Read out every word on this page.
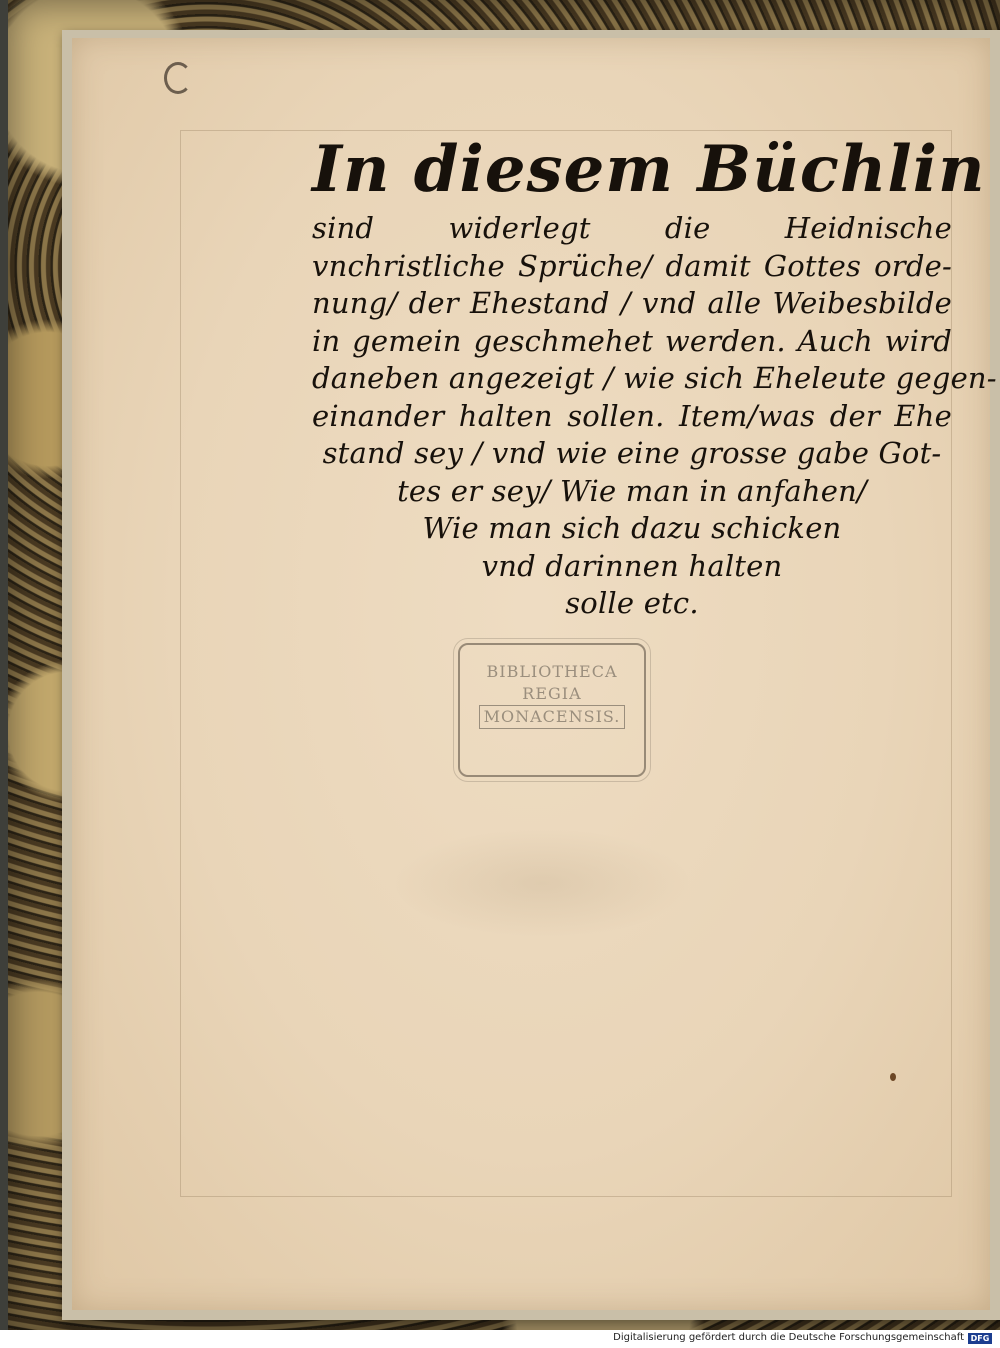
In diesem Büchlin
sind widerlegt die Heidnische
vnchristliche Sprüche/ damit Gottes orde-
nung/ der Ehestand / vnd alle Weibesbilde
in gemein geschmehet werden. Auch wird
daneben angezeigt / wie sich Eheleute gegen-
einander halten sollen. Item/was der Ehe
stand sey / vnd wie eine grosse gabe Got-
tes er sey/ Wie man in anfahen/
Wie man sich dazu schicken
vnd darinnen halten
solle etc.
BIBLIOTHECA
REGIA
MONACENSIS.
Digitalisierung gefördert durch die Deutsche Forschungsgemeinschaft DFG
